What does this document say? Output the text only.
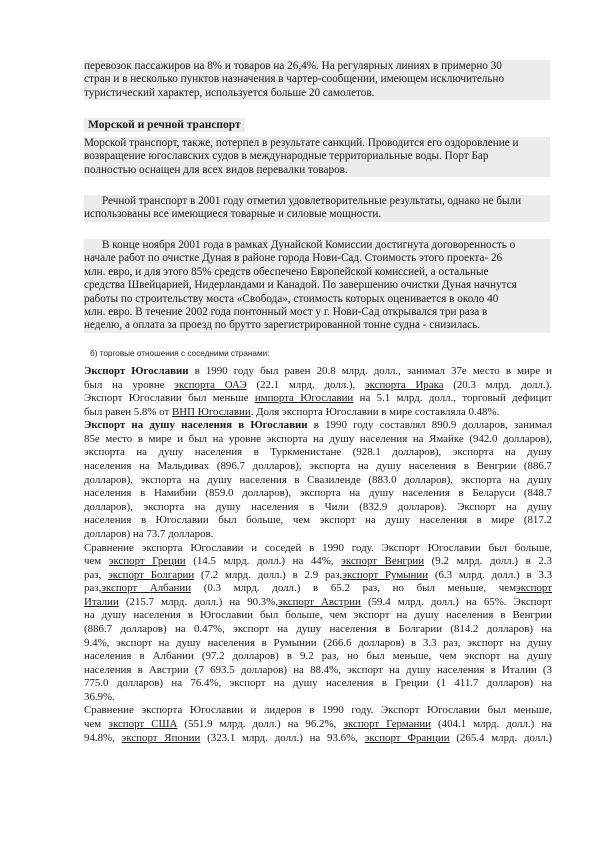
перевозок пассажиров на 8% и товаров на 26,4%. На регулярных линиях в примерно 30
стран и в несколько пунктов назначения в чартер-сообщении, имеющем исключительно
туристический характер, используется больше 20 самолетов.
Морской и речной транспорт
Морской транспорт, также, потерпел в результате санкций. Проводится его оздоровление и
возвращение югославских судов в международные территориальные воды. Порт Бар
полностью оснащен для всех видов перевалки товаров.
Речной транспорт в 2001 году отметил удовлетворительные результаты, однако не были
использованы все имеющиеся товарные и силовые мощности.
В конце ноября 2001 года в рамках Дунайской Комиссии достигнута договоренность о
начале работ по очистке Дуная в районе города Нови-Сад. Стоимость этого проекта- 26
млн. евро, и для этого 85% средств обеспечено Европейской комиссией, а остальные
средства Швейцарией, Нидерландами и Канадой. По завершению очистки Дуная начнутся
работы по строительству моста «Свобода», стоимость которых оценивается в около 40
млн. евро. В течение 2002 года понтонный мост у г. Нови-Сад открывался три раза в
неделю, а оплата за проезд по брутто зарегистрированной тонне судна - снизилась.
б) торговые отношения с соседними странами:
Экспорт Югославии в 1990 году был равен 20.8 млрд. долл., занимал 37е место в мире и
был на уровне экспорта ОАЭ (22.1 млрд. долл.), экспорта Ирака (20.3 млрд. долл.).
Экспорт Югославии был меньше импорта Югославии на 5.1 млрд. долл., торговый дефицит
был равен 5.8% от ВНП Югославии. Доля экспорта Югославии в мире составляла 0.48%.
Экспорт на душу населения в Югославии в 1990 году составлял 890.9 долларов, занимал
85е место в мире и был на уровне экспорта на душу населения на Ямайке (942.0 долларов),
экспорта на душу населения в Туркменистане (928.1 долларов), экспорта на душу
населения на Мальдивах (896.7 долларов), экспорта на душу населения в Венгрии (886.7
долларов), экспорта на душу населения в Свазиленде (883.0 долларов), экспорта на душу
населения в Намибии (859.0 долларов), экспорта на душу населения в Беларуси (848.7
долларов), экспорта на душу населения в Чили (832.9 долларов). Экспорт на душу
населения в Югославии был больше, чем экспорт на душу населения в мире (817.2
долларов) на 73.7 долларов.
Сравнение экспорта Югославии и соседей в 1990 году. Экспорт Югославии был больше,
чем экспорт Греции (14.5 млрд. долл.) на 44%, экспорт Венгрии (9.2 млрд. долл.) в 2.3
раз, экспорт Болгарии (7.2 млрд. долл.) в 2.9 раз,экспорт Румынии (6.3 млрд. долл.) в 3.3
раз,экспорт Албании (0.3 млрд. долл.) в 65.2 раз, но был меньше, чемэкспорт
Италии (215.7 млрд. долл.) на 90.3%,экспорт Австрии (59.4 млрд. долл.) на 65%. Экспорт
на душу населения в Югославии был больше, чем экспорт на душу населения в Венгрии
(886.7 долларов) на 0.47%, экспорт на душу населения в Болгарии (814.2 долларов) на
9.4%, экспорт на душу населения в Румынии (266.6 долларов) в 3.3 раз, экспорт на душу
населения в Албании (97.2 долларов) в 9.2 раз, но был меньше, чем экспорт на душу
населения в Австрии (7 693.5 долларов) на 88.4%, экспорт на душу населения в Италии (3
775.0 долларов) на 76.4%, экспорт на душу населения в Греции (1 411.7 долларов) на
36.9%.
Сравнение экспорта Югославии и лидеров в 1990 году. Экспорт Югославии был меньше,
чем экспорт США (551.9 млрд. долл.) на 96.2%, экспорт Германии (404.1 млрд. долл.) на
94.8%, экспорт Японии (323.1 млрд. долл.) на 93.6%, экспорт Франции (265.4 млрд. долл.)
